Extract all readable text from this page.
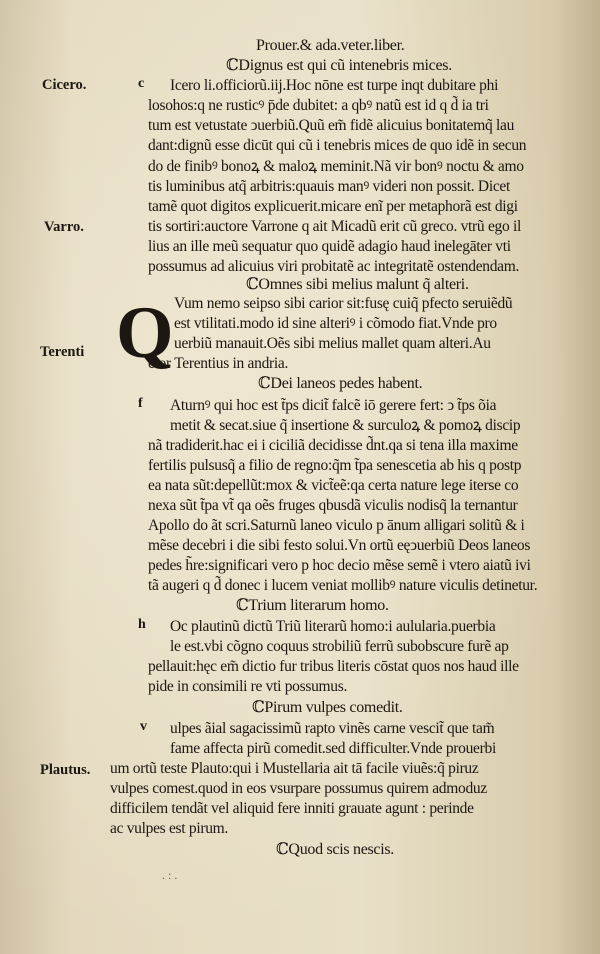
Prouer.& ada.veter.liber.
Cicero.
Varro.
Terenti
Plautus.
Q
c
f
h
v
ℂDignus est qui cũ intenebris mices.
Icero li.officiorũ.iij.Hoc nōne est turpe inqt dubitare phi
losohos:q ne rusticꝰ p̄de dubitet: a qbꝰ natũ est id q d̃ ia tri
tum est vetustate ↄuerbiũ.Quũ em̃ fidẽ alicuius bonitatemq̃ lau
dant:dignũ esse dicūt qui cũ i tenebris mices de quo idẽ in secun
do de finibꝰ bonoꝝ & maloꝝ meminit.Nã vir bonꝰ noctu & amo
tis luminibus atq̃ arbitris:quauis manꝰ videri non possit. Dicet
tamẽ quot digitos explicuerit.micare enĩ per metaphorã est digi
tis sortiri:auctore Varrone q ait Micadũ erit cũ greco. vtrũ ego il
lius an ille meũ sequatur quo quidẽ adagio haud inelegāter vti
possumus ad alicuius viri probitatẽ ac integritatẽ ostendendam.
ℂOmnes sibi melius malunt q̃ alteri.
Vum nemo seipso sibi carior sit:fusę cuiq̃ pfecto seruiẽdũ
est vtilitati.modo id sine alteriꝰ i cõmodo fiat.Vnde pro
uerbiũ manauit.Oẽs sibi melius mallet quam alteri.Au
ctor Terentius in andria.
ℂDei laneos pedes habent.
Aturnꝰ qui hoc est t̃ps dicit̃ falcẽ iō gerere fert: ↄ t̃ps õia
metit & secat.siue q̃ insertione & surculoꝝ & pomoꝝ discip
nã tradiderit.hac ei i ciciliã decidisse d̃nt.qa si tena illa maxime
fertilis pulsusq̃ a filio de regno:q̃m t̃pa senescetia ab his q postp
ea nata sũt:depellũt:mox & vict̃eẽ:qa certa nature lege iterse co
nexa sũt t̃pa vt̃ qa oẽs fruges qbusdã viculis nodisq̃ la ternantur
Apollo do ãt scri.Saturnũ laneo viculo p ānum alligari solitũ & i
mẽse decebri i die sibi festo solui.Vn ortũ eęↄuerbiũ Deos laneos
pedes h̃re:significari vero p hoc decio mẽse semẽ i vtero aiatũ ivi
tã augeri q d̃ donec i lucem veniat mollibꝰ nature viculis detinetur.
ℂTrium literarum homo.
Oc plautinũ dictũ Triũ literarũ homo:i aulularia.puerbia
le est.vbi cõgno coquus strobiliũ ferrũ subobscure furẽ ap
pellauit:hęc em̃ dictio fur tribus literis cōstat quos nos haud ille
pide in consimili re vti possumus.
ℂPirum vulpes comedit.
ulpes ãial sagacissimũ rapto vinẽs carne vescit̃ que tam̃
fame affecta pirũ comedit.sed difficulter.Vnde prouerbi
um ortũ teste Plauto:qui i Mustellaria ait tā facile viuẽs:q̃ piruz
vulpes comest.quod in eos vsurpare possumus quirem admoduz
difficilem tendãt vel aliquid fere inniti grauate agunt : perinde
ac vulpes est pirum.
ℂQuod scis nescis.
. : .
